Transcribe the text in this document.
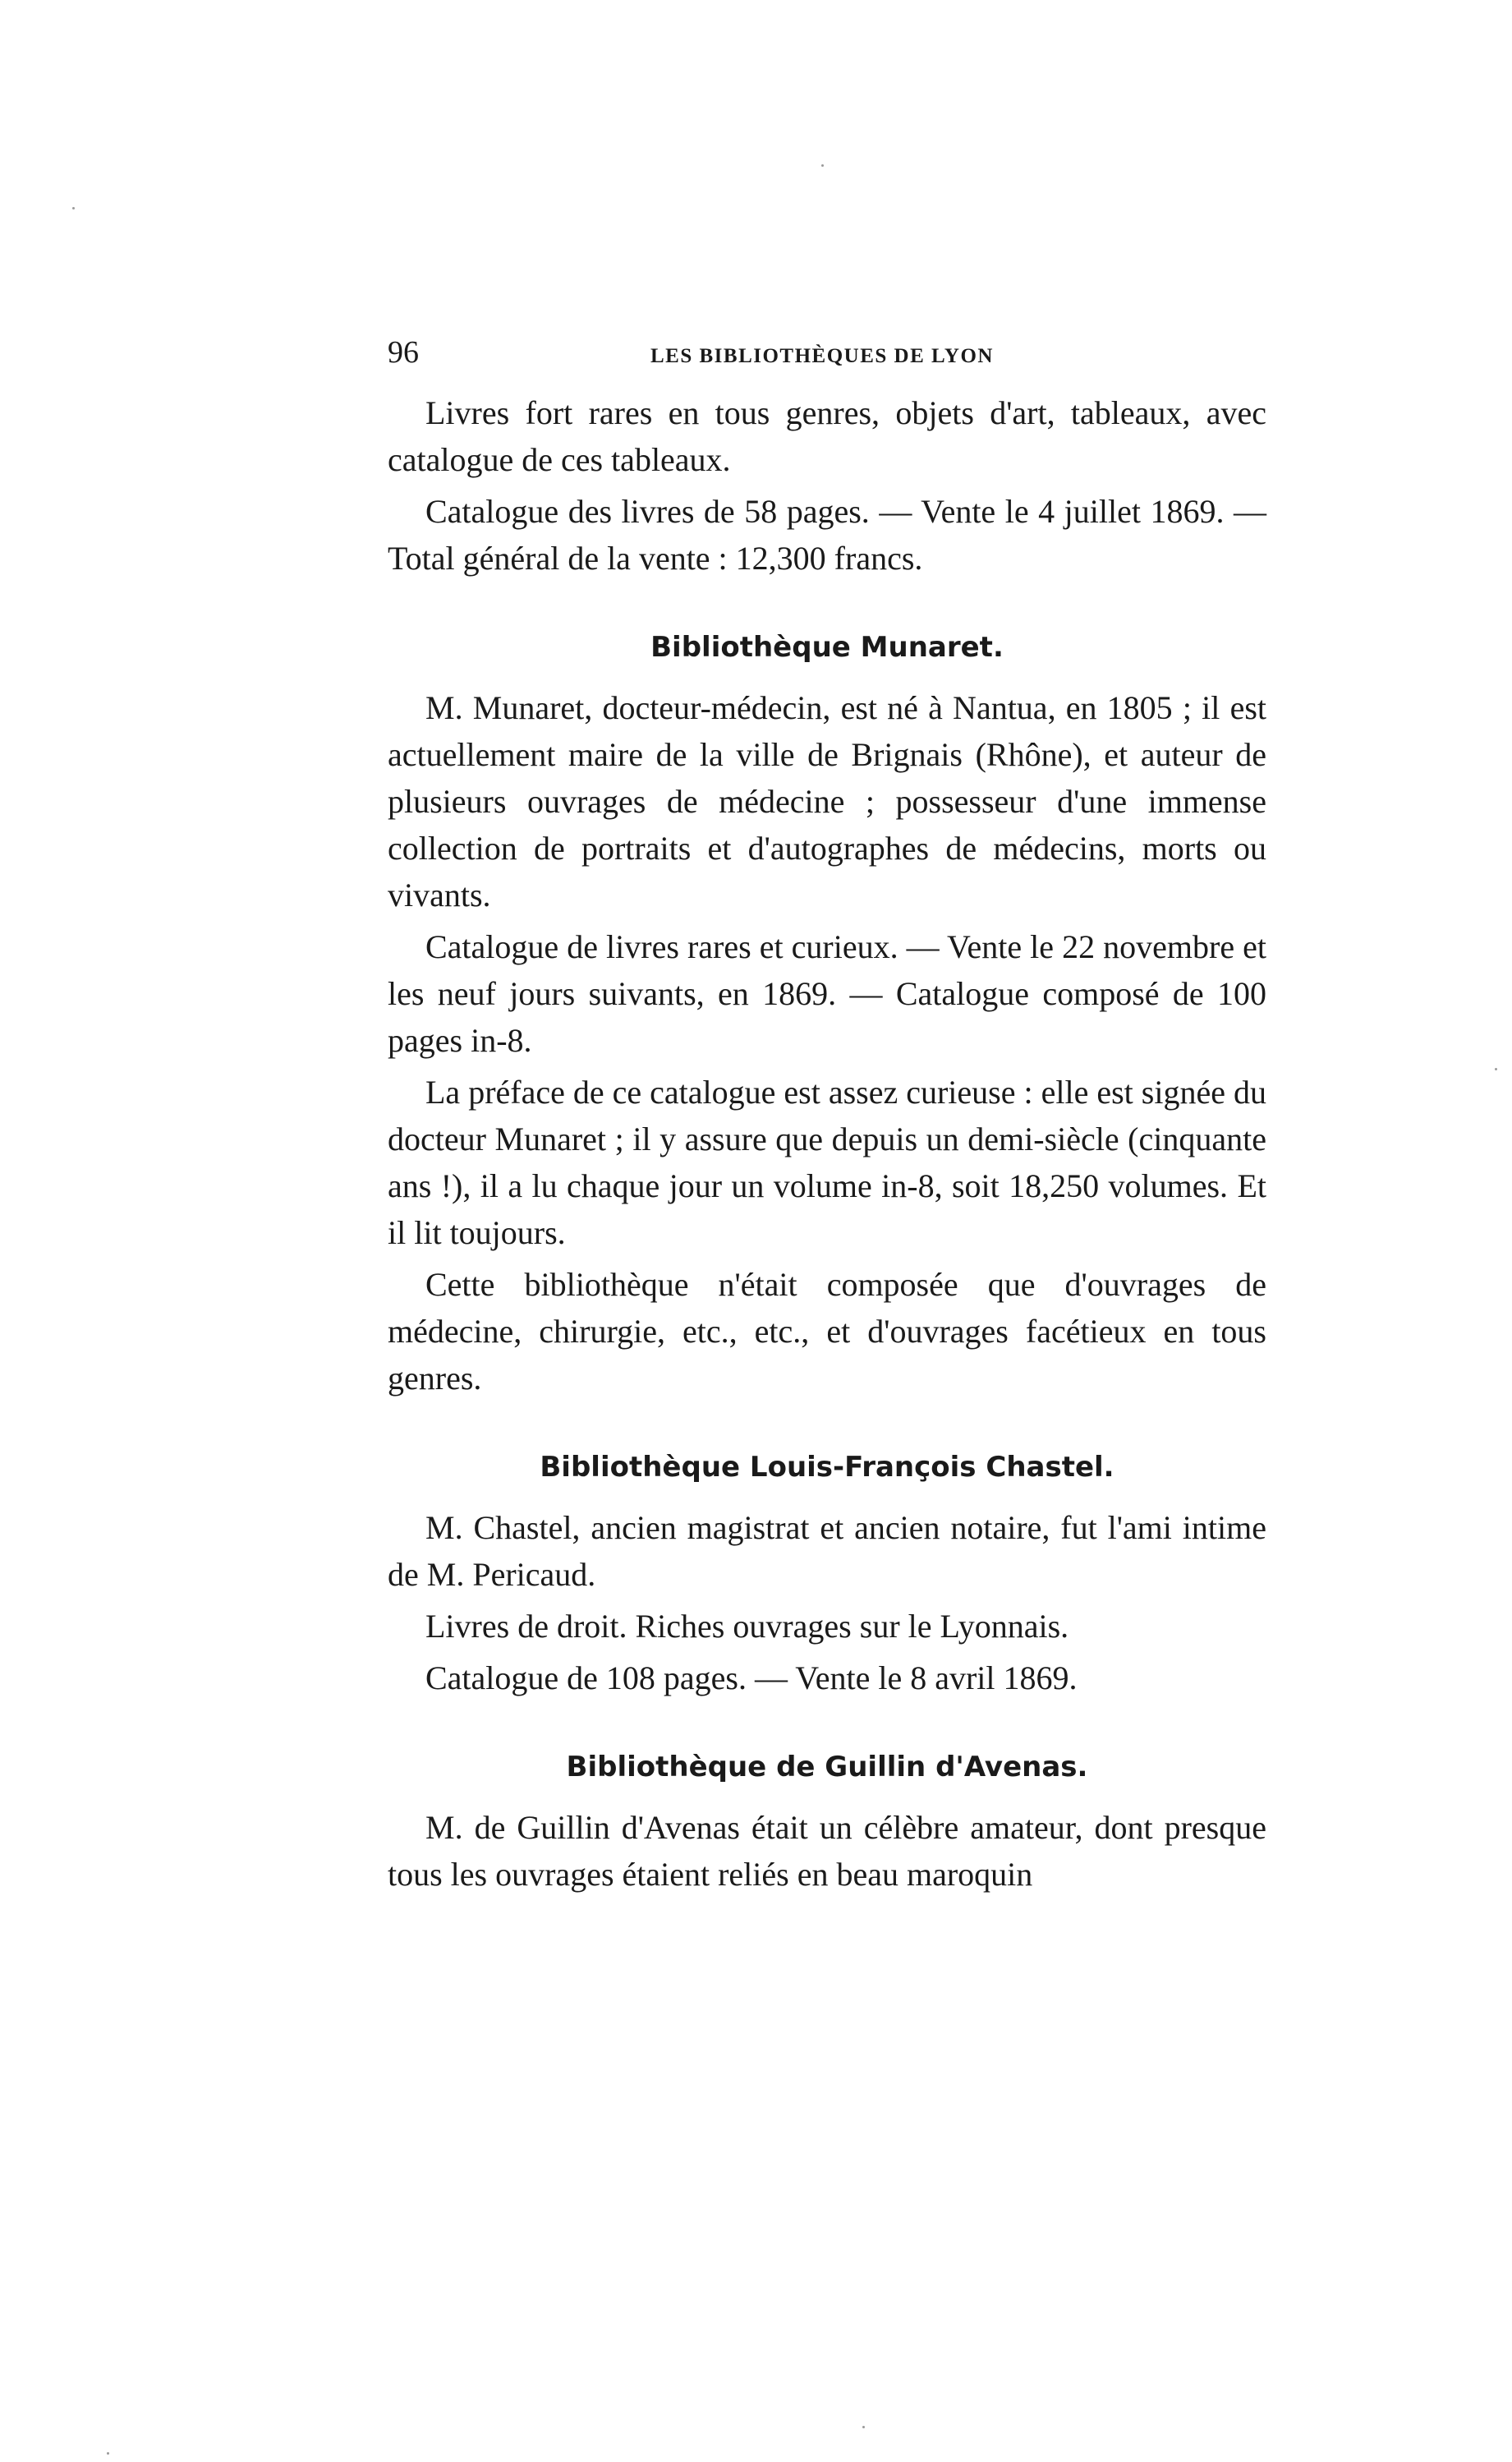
96	LES BIBLIOTHÈQUES DE LYON

Livres fort rares en tous genres, objets d'art, tableaux, avec catalogue de ces tableaux.

Catalogue des livres de 58 pages. — Vente le 4 juillet 1869. — Total général de la vente : 12,300 francs.

Bibliothèque Munaret.

M. Munaret, docteur-médecin, est né à Nantua, en 1805 ; il est actuellement maire de la ville de Brignais (Rhône), et auteur de plusieurs ouvrages de médecine ; possesseur d'une immense collection de portraits et d'autographes de médecins, morts ou vivants.

Catalogue de livres rares et curieux. — Vente le 22 novembre et les neuf jours suivants, en 1869. — Catalogue composé de 100 pages in-8.

La préface de ce catalogue est assez curieuse : elle est signée du docteur Munaret ; il y assure que depuis un demi-siècle (cinquante ans !), il a lu chaque jour un volume in-8, soit 18,250 volumes. Et il lit toujours.

Cette bibliothèque n'était composée que d'ouvrages de médecine, chirurgie, etc., etc., et d'ouvrages facétieux en tous genres.

Bibliothèque Louis-François Chastel.

M. Chastel, ancien magistrat et ancien notaire, fut l'ami intime de M. Pericaud.

Livres de droit. Riches ouvrages sur le Lyonnais.

Catalogue de 108 pages. — Vente le 8 avril 1869.

Bibliothèque de Guillin d'Avenas.

M. de Guillin d'Avenas était un célèbre amateur, dont presque tous les ouvrages étaient reliés en beau maroquin
